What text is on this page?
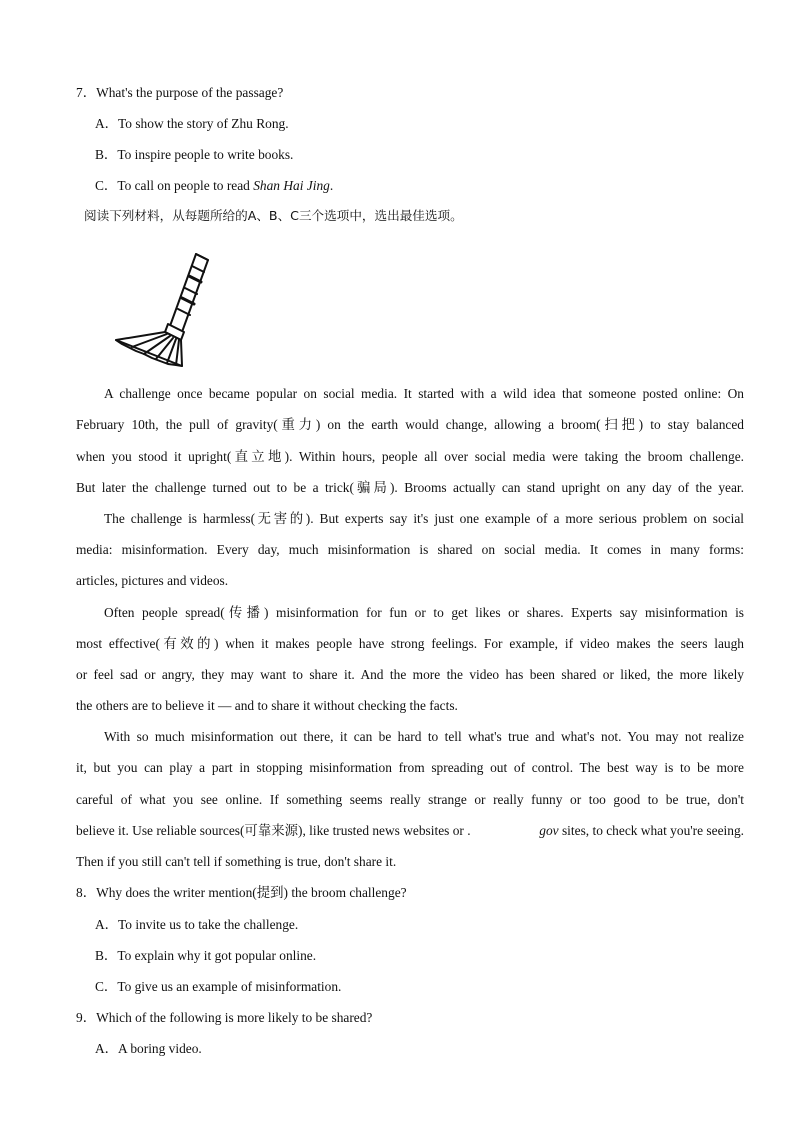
7．What's the purpose of the passage?
A．To show the story of Zhu Rong.
B．To inspire people to write books.
C．To call on people to read Shan Hai Jing.
阅读下列材料，从每题所给的A、B、C三个选项中，选出最佳选项。
A challenge once became popular on social media. It started with a wild idea that someone posted online: On
February 10th, the pull of gravity(重力) on the earth would change, allowing a broom(扫把) to stay balanced
when you stood it upright(直立地). Within hours, people all over social media were taking the broom challenge.
But later the challenge turned out to be a trick(骗局). Brooms actually can stand upright on any day of the year.
The challenge is harmless(无害的). But experts say it's just one example of a more serious problem on social
media: misinformation. Every day, much misinformation is shared on social media. It comes in many forms:
articles, pictures and videos.
Often people spread(传播) misinformation for fun or to get likes or shares. Experts say misinformation is
most effective(有效的) when it makes people have strong feelings. For example, if video makes the seers laugh
or feel sad or angry, they may want to share it. And the more the video has been shared or liked, the more likely
the others are to believe it — and to share it without checking the facts.
With so much misinformation out there, it can be hard to tell what's true and what's not. You may not realize
it, but you can play a part in stopping misinformation from spreading out of control. The best way is to be more
careful of what you see online. If something seems really strange or really funny or too good to be true, don't
believe it. Use reliable sources(可靠来源), like trusted news websites or .	gov sites, to check what you're seeing.
Then if you still can't tell if something is true, don't share it.
8．Why does the writer mention(提到) the broom challenge?
A．To invite us to take the challenge.
B．To explain why it got popular online.
C．To give us an example of misinformation.
9．Which of the following is more likely to be shared?
A．A boring video.
